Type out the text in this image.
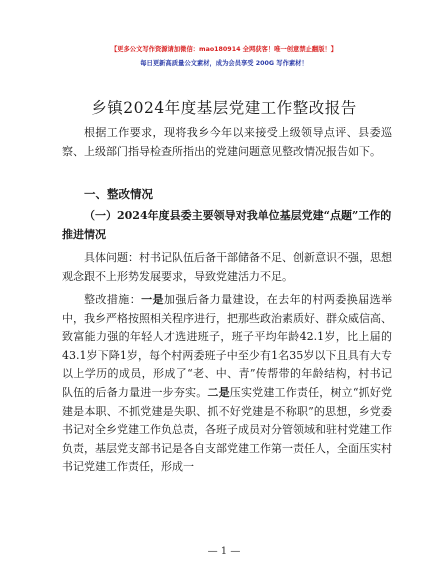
【更多公文写作资源请加微信：mao180914 全网获客！唯一创意禁止翻版！】
每日更新高质量公文素材，成为会员享受 200G 写作素材！
乡镇2024年度基层党建工作整改报告
根据工作要求，现将我乡今年以来接受上级领导点评、县委巡察、上级部门指导检查所指出的党建问题意见整改情况报告如下。
一、整改情况
（一）2024年度县委主要领导对我单位基层党建“点题”工作的推进情况
具体问题：村书记队伍后备干部储备不足、创新意识不强，思想观念跟不上形势发展要求，导致党建活力不足。
整改措施：一是加强后备力量建设，在去年的村两委换届选举中，我乡严格按照相关程序进行，把那些政治素质好、群众威信高、致富能力强的年轻人才选进班子，班子平均年龄42.1岁，比上届的43.1岁下降1岁，每个村两委班子中至少有1名35岁以下且具有大专以上学历的成员，形成了“老、中、青”传帮带的年龄结构，村书记队伍的后备力量进一步夯实。二是压实党建工作责任，树立“抓好党建是本职、不抓党建是失职、抓不好党建是不称职”的思想，乡党委书记对全乡党建工作负总责，各班子成员对分管领域和驻村党建工作负责，基层党支部书记是各自支部党建工作第一责任人，全面压实村书记党建工作责任，形成一
— 1 —
